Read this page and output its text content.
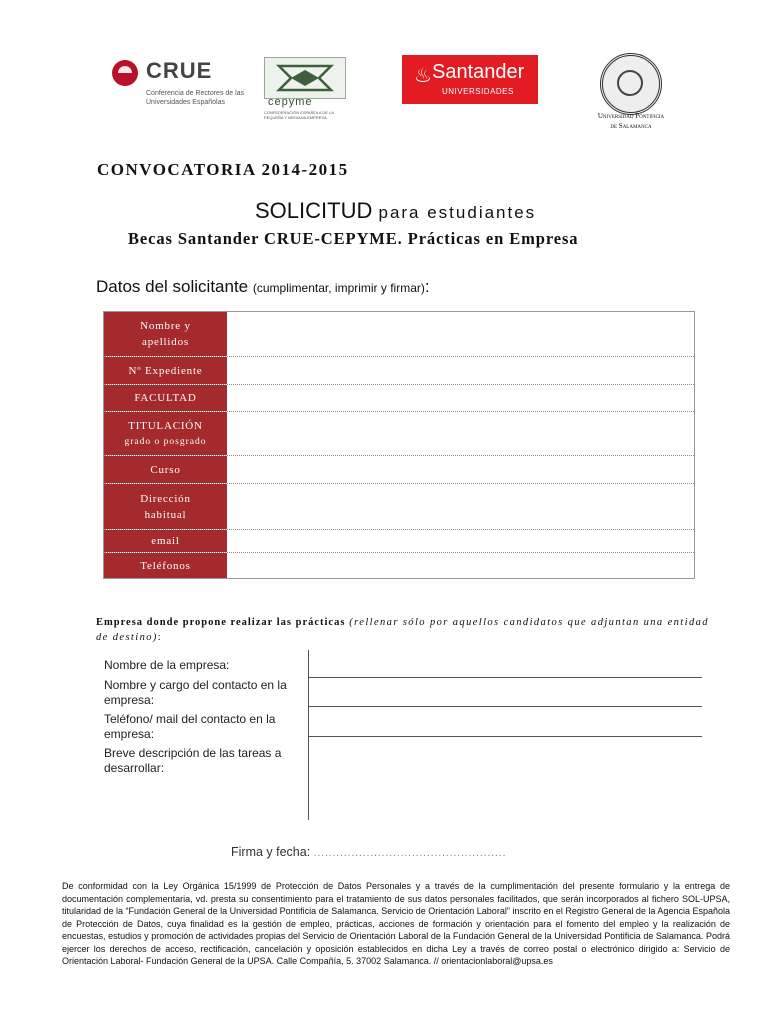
CRUE
Conferencia de Rectores de las Universidades Españolas	cepyme
CONFEDERACIÓN ESPAÑOLA DE LA PEQUEÑA Y MEDIANA EMPRESA
♨ Santander
UNIVERSIDADES
Universidad Pontificia
de Salamanca
CONVOCATORIA 2014-2015
SOLICITUD para estudiantes
Becas Santander CRUE-CEPYME. Prácticas en Empresa
Datos del solicitante (cumplimentar, imprimir y firmar):
Nombre y
apellidos
Nº Expediente
FACULTAD
TITULACIÓN
grado o posgrado
Curso
Dirección
habitual
email
Teléfonos
Empresa donde propone realizar las prácticas (rellenar sólo por aquellos candidatos que adjuntan una entidad de destino):
Nombre de la empresa:
Nombre y cargo del contacto en la empresa:
Teléfono/ mail del contacto en la empresa:
Breve descripción de las tareas a desarrollar:
Firma y fecha: ...................................................
De conformidad con la Ley Orgánica 15/1999 de Protección de Datos Personales y a través de la cumplimentación del presente formulario y la entrega de documentación complementaria, vd. presta su consentimiento para el tratamiento de sus datos personales facilitados, que serán incorporados al fichero SOL-UPSA, titularidad de la “Fundación General de la Universidad Pontificia de Salamanca. Servicio de Orientación Laboral” inscrito en el Registro General de la Agencia Española de Protección de Datos, cuya finalidad es la gestión de empleo, prácticas, acciones de formación y orientación para el fomento del empleo y la realización de encuestas, estudios y promoción de actividades propias del Servicio de Orientación Laboral de la Fundación General de la Universidad Pontificia de Salamanca. Podrá ejercer los derechos de acceso, rectificación, cancelación y oposición establecidos en dicha Ley a través de correo postal o electrónico dirigido a: Servicio de Orientación Laboral- Fundación General de la UPSA. Calle Compañía, 5. 37002 Salamanca. // orientacionlaboral@upsa.es
